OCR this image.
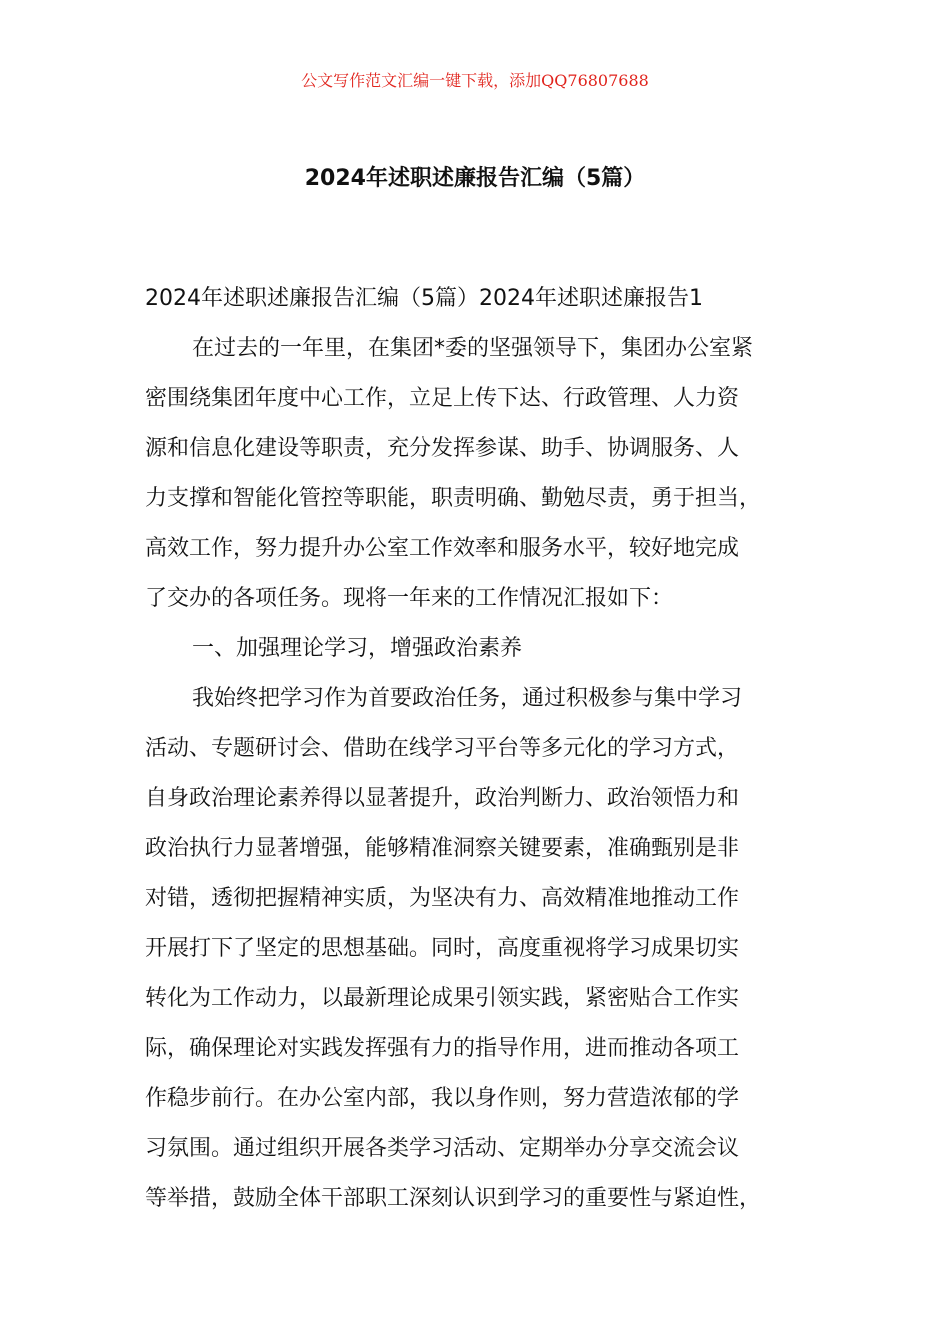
公文写作范文汇编一键下载，添加QQ76807688
2024年述职述廉报告汇编（5篇）
2024年述职述廉报告汇编（5篇）2024年述职述廉报告1
在过去的一年里，在集团*委的坚强领导下，集团办公室紧
密围绕集团年度中心工作，立足上传下达、行政管理、人力资
源和信息化建设等职责，充分发挥参谋、助手、协调服务、人
力支撑和智能化管控等职能，职责明确、勤勉尽责，勇于担当，
高效工作，努力提升办公室工作效率和服务水平，较好地完成
了交办的各项任务。现将一年来的工作情况汇报如下：
一、加强理论学习，增强政治素养
我始终把学习作为首要政治任务，通过积极参与集中学习
活动、专题研讨会、借助在线学习平台等多元化的学习方式，
自身政治理论素养得以显著提升，政治判断力、政治领悟力和
政治执行力显著增强，能够精准洞察关键要素，准确甄别是非
对错，透彻把握精神实质，为坚决有力、高效精准地推动工作
开展打下了坚定的思想基础。同时，高度重视将学习成果切实
转化为工作动力，以最新理论成果引领实践，紧密贴合工作实
际，确保理论对实践发挥强有力的指导作用，进而推动各项工
作稳步前行。在办公室内部，我以身作则，努力营造浓郁的学
习氛围。通过组织开展各类学习活动、定期举办分享交流会议
等举措，鼓励全体干部职工深刻认识到学习的重要性与紧迫性，
